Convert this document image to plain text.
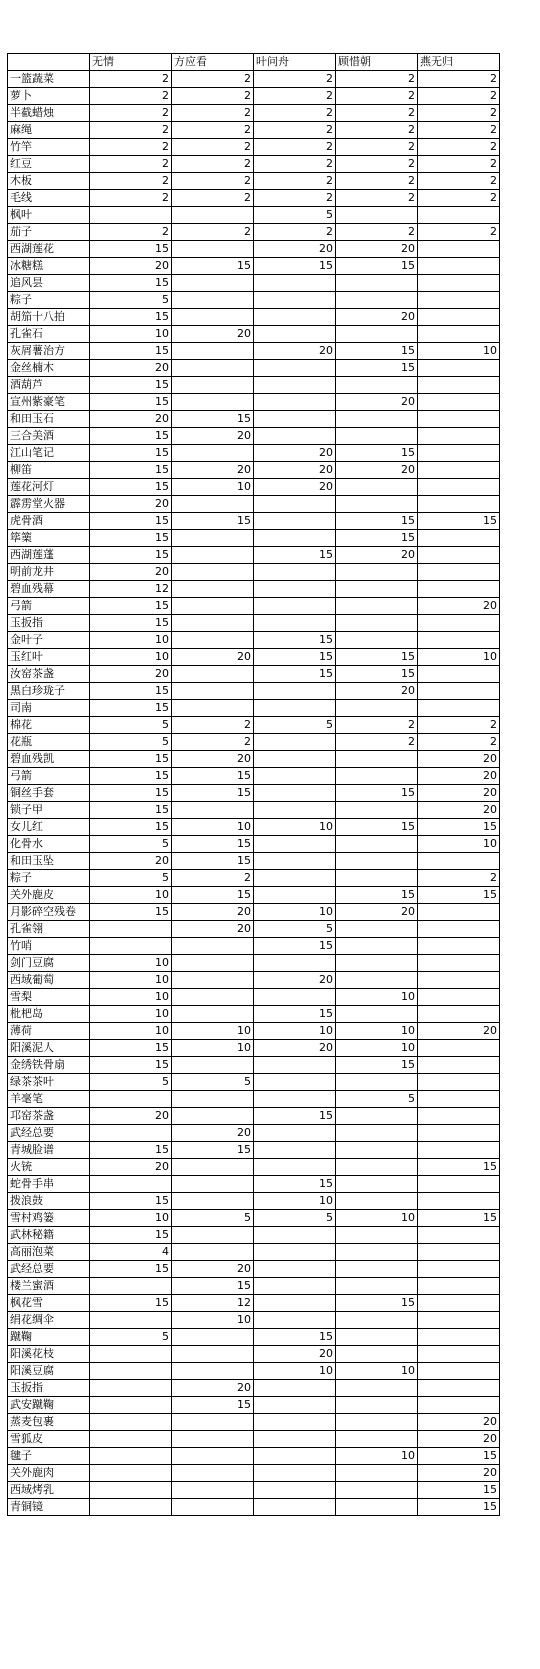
	无情	方应看	叶问舟	顾惜朝	燕无归
一篮蔬菜	2	2	2	2	2
萝卜	2	2	2	2	2
半截蜡烛	2	2	2	2	2
麻绳	2	2	2	2	2
竹竿	2	2	2	2	2
红豆	2	2	2	2	2
木板	2	2	2	2	2
毛线	2	2	2	2	2
枫叶			5		
茄子	2	2	2	2	2
西湖莲花	15		20	20	
冰糖糕	20	15	15	15	
追风昙	15				
粽子	5				
胡笳十八拍	15			20	
孔雀石	10	20			
灰屑薯治方	15		20	15	10
金丝楠木	20			15	
酒葫芦	15				
宣州紫豪笔	15			20	
和田玉石	20	15			
三合美酒	15	20			
江山笔记	15		20	15	
柳笛	15	20	20	20	
莲花河灯	15	10	20		
霹雳堂火器	20				
虎骨酒	15	15		15	15
筚篥	15			15	
西湖莲蓬	15		15	20	
明前龙井	20				
碧血残幕	12				
弓箭	15				20
玉扳指	15				
金叶子	10		15		
玉红叶	10	20	15	15	10
汝窑茶盏	20		15	15	
黑白珍珑子	15			20	
司南	15				
棉花	5	2	5	2	2
花瓶	5	2		2	2
碧血残凯	15	20			20
弓箭	15	15			20
铜丝手套	15	15		15	20
锁子甲	15				20
女儿红	15	10	10	15	15
化骨水	5	15			10
和田玉坠	20	15			
粽子	5	2			2
关外鹿皮	10	15		15	15
月影碎空残卷	15	20	10	20	
孔雀翎		20	5		
竹哨			15		
剑门豆腐	10				
西域葡萄	10		20		
雪梨	10			10	
枇杷岛	10		15		
薄荷	10	10	10	10	20
阳溪泥人	15	10	20	10	
金绣铁骨扇	15			15	
绿茶茶叶	5	5			
羊毫笔				5	
邛窑茶盏	20		15		
武经总要		20			
青城脸谱	15	15			
火铳	20				15
蛇骨手串			15		
拨浪鼓	15		10		
雪村鸡篓	10	5	5	10	15
武林秘籍	15				
高丽泡菜	4				
武经总要	15	20			
楼兰蜜酒		15			
枫花雪	15	12		15	
绢花绸伞		10			
蹴鞠	5		15		
阳溪花枝			20		
阳溪豆腐			10	10	
玉扳指		20			
武安蹴鞠		15			
蒸麦包裹					20
雪狐皮					20
毽子				10	15
关外鹿肉					20
西域烤乳					15
青铜镜					15
